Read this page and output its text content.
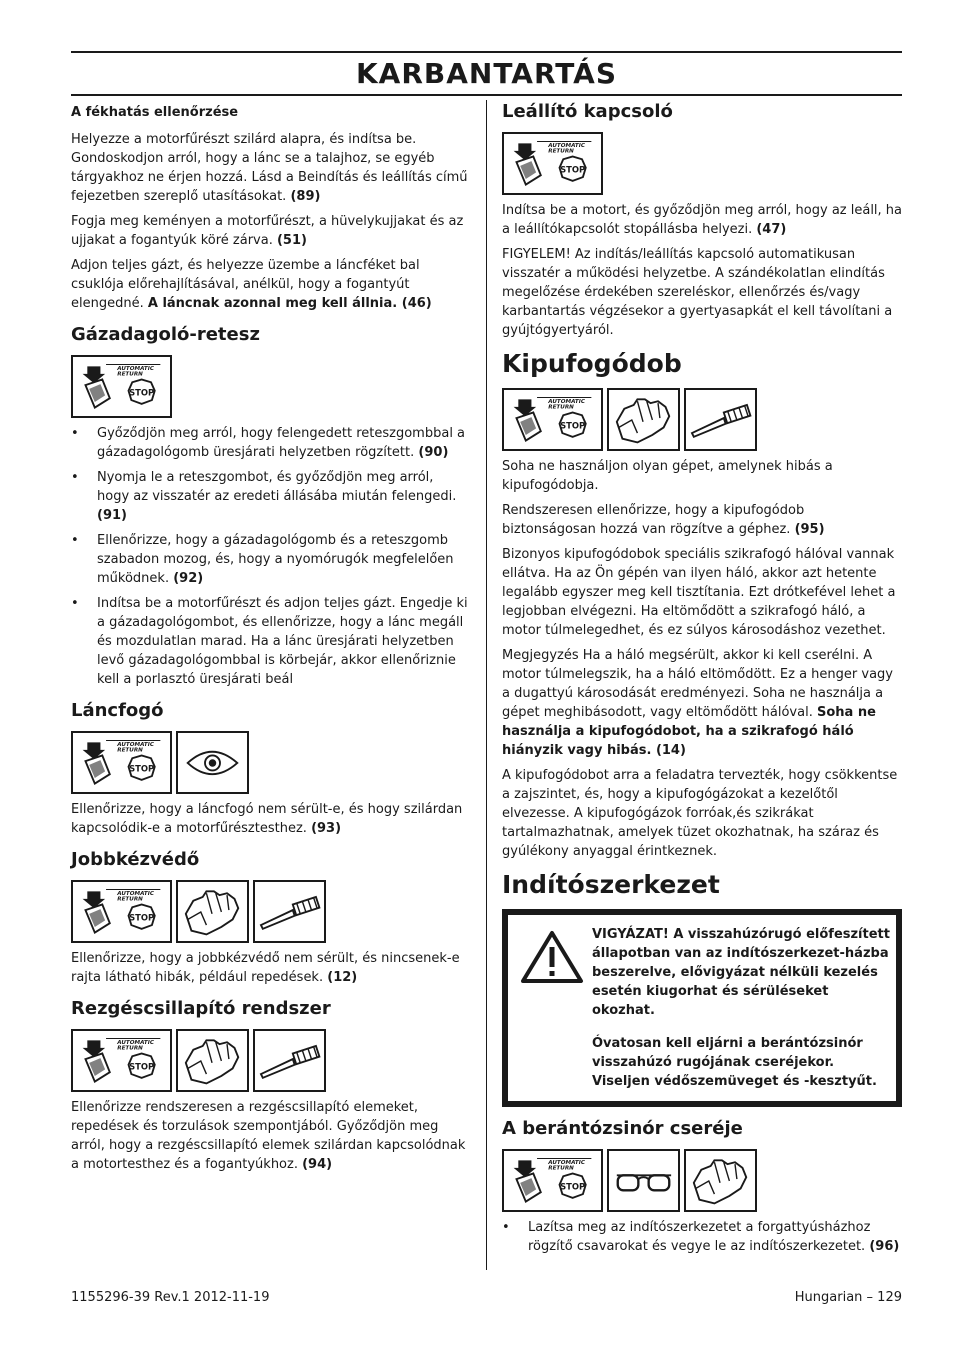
KARBANTARTÁS
A fékhatás ellenőrzése

Helyezze a motorfűrészt szilárd alapra, és indítsa be. Gondoskodjon arról, hogy a lánc se a talajhoz, se egyéb tárgyakhoz ne érjen hozzá. Lásd a Beindítás és leállítás című fejezetben szereplő utasításokat. (89)

Fogja meg keményen a motorfűrészt, a hüvelykujjakat és az ujjakat a fogantyúk köré zárva. (51)

Adjon teljes gázt, és helyezze üzembe a láncféket bal csuklója előrehajlításával, anélkül, hogy a fogantyút elengedné. A láncnak azonnal meg kell állnia. (46)

Gázadagoló-retesz
• Győződjön meg arról, hogy felengedett reteszgombbal a gázadagológomb üresjárati helyzetben rögzített. (90)
• Nyomja le a reteszgombot, és győződjön meg arról, hogy az visszatér az eredeti állásába miután felengedi. (91)
• Ellenőrizze, hogy a gázadagológomb és a reteszgomb szabadon mozog, és, hogy a nyomórugók megfelelően működnek. (92)
• Indítsa be a motorfűrészt és adjon teljes gázt. Engedje ki a gázadagológombot, és ellenőrizze, hogy a lánc megáll és mozdulatlan marad. Ha a lánc üresjárati helyzetben levő gázadagológombbal is körbejár, akkor ellenőriznie kell a porlasztó üresjárati beál
Láncfogó

Ellenőrizze, hogy a láncfogó nem sérült-e, és hogy szilárdan kapcsolódik-e a motorfűrésztesthez. (93)

Jobbkézvédő

Ellenőrizze, hogy a jobbkézvédő nem sérült, és nincsenek-e rajta látható hibák, például repedések. (12)

Rezgéscsillapító rendszer

Ellenőrizze rendszeresen a rezgéscsillapító elemeket, repedések és torzulások szempontjából. Győződjön meg arról, hogy a rezgéscsillapító elemek szilárdan kapcsolódnak a motortesthez és a fogantyúkhoz. (94)

Leállító kapcsoló

Indítsa be a motort, és győződjön meg arról, hogy az leáll, ha a leállítókapcsolót stopállásba helyezi. (47)

FIGYELEM! Az indítás/leállítás kapcsoló automatikusan visszatér a működési helyzetbe. A szándékolatlan elindítás megelőzése érdekében szereléskor, ellenőrzés és/vagy karbantartás végzésekor a gyertyasapkát el kell távolítani a gyújtógyertyáról.

Kipufogódob

Soha ne használjon olyan gépet, amelynek hibás a kipufogódobja.

Rendszeresen ellenőrizze, hogy a kipufogódob biztonságosan hozzá van rögzítve a géphez. (95)

Bizonyos kipufogódobok speciális szikrafogó hálóval vannak ellátva. Ha az Ön gépén van ilyen háló, akkor azt hetente legalább egyszer meg kell tisztítania. Ezt drótkefével lehet a legjobban elvégezni. Ha eltömődött a szikrafogó háló, a motor túlmelegedhet, és ez súlyos károsodáshoz vezethet.

Megjegyzés Ha a háló megsérült, akkor ki kell cserélni. A motor túlmelegszik, ha a háló eltömődött. Ez a henger vagy a dugattyú károsodását eredményezi. Soha ne használja a gépet meghibásodott, vagy eltömődött hálóval. Soha ne használja a kipufogódobot, ha a szikrafogó háló hiányzik vagy hibás. (14)

A kipufogódobot arra a feladatra tervezték, hogy csökkentse a zajszintet, és, hogy a kipufogógázokat a kezelőtől elvezesse. A kipufogógázok forróak,és szikrákat tartalmazhatnak, amelyek tüzet okozhatnak, ha száraz és gyúlékony anyaggal érintkeznek.

Indítószerkezet

VIGYÁZAT! A visszahúzórugó előfeszített állapotban van az indítószerkezet-házba beszerelve, elővigyázat nélküli kezelés esetén kiugorhat és sérüléseket okozhat.

Óvatosan kell eljárni a berántózsinór visszahúzó rugójának cseréjekor. Viseljen védőszemüveget és -kesztyűt.

A berántózsinór cseréje
• Lazítsa meg az indítószerkezetet a forgattyúsházhoz rögzítő csavarokat és vegye le az indítószerkezetet. (96)
1155296-39 Rev.1 2012-11-19	Hungarian – 129
